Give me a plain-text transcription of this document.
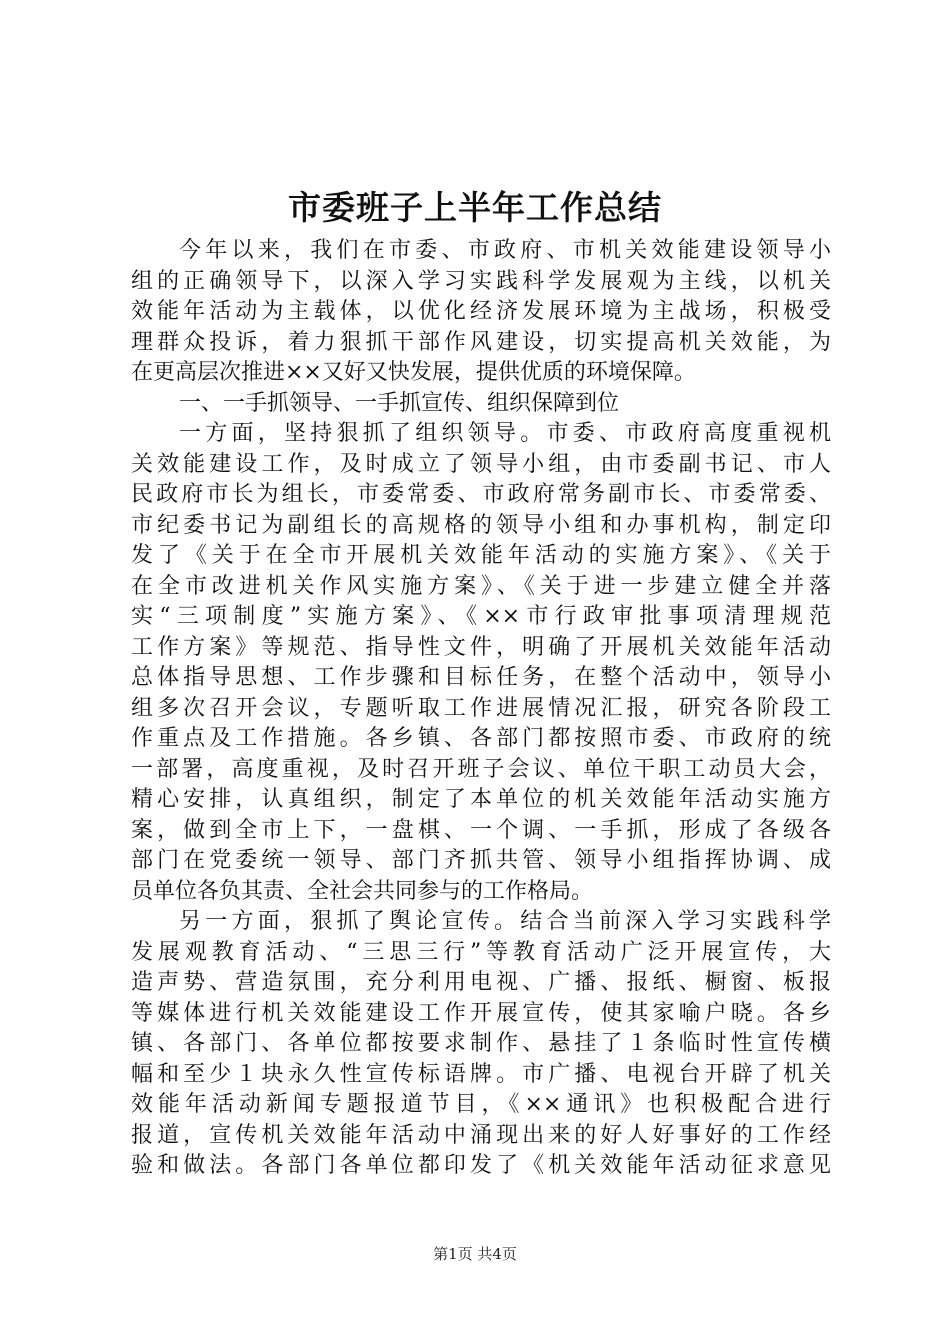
市委班子上半年工作总结
今年以来，我们在市委、市政府、市机关效能建设领导小
组的正确领导下，以深入学习实践科学发展观为主线，以机关
效能年活动为主载体，以优化经济发展环境为主战场，积极受
理群众投诉，着力狠抓干部作风建设，切实提高机关效能，为
在更高层次推进××又好又快发展，提供优质的环境保障。
一、一手抓领导、一手抓宣传、组织保障到位
一方面，坚持狠抓了组织领导。市委、市政府高度重视机
关效能建设工作，及时成立了领导小组，由市委副书记、市人
民政府市长为组长，市委常委、市政府常务副市长、市委常委、
市纪委书记为副组长的高规格的领导小组和办事机构，制定印
发了《关于在全市开展机关效能年活动的实施方案》、《关于
在全市改进机关作风实施方案》、《关于进一步建立健全并落
实“三项制度”实施方案》、《××市行政审批事项清理规范
工作方案》等规范、指导性文件，明确了开展机关效能年活动
总体指导思想、工作步骤和目标任务，在整个活动中，领导小
组多次召开会议，专题听取工作进展情况汇报，研究各阶段工
作重点及工作措施。各乡镇、各部门都按照市委、市政府的统
一部署，高度重视，及时召开班子会议、单位干职工动员大会，
精心安排，认真组织，制定了本单位的机关效能年活动实施方
案，做到全市上下，一盘棋、一个调、一手抓，形成了各级各
部门在党委统一领导、部门齐抓共管、领导小组指挥协调、成
员单位各负其责、全社会共同参与的工作格局。
另一方面，狠抓了舆论宣传。结合当前深入学习实践科学
发展观教育活动、“三思三行”等教育活动广泛开展宣传，大
造声势、营造氛围，充分利用电视、广播、报纸、橱窗、板报
等媒体进行机关效能建设工作开展宣传，使其家喻户晓。各乡
镇、各部门、各单位都按要求制作、悬挂了１条临时性宣传横
幅和至少１块永久性宣传标语牌。市广播、电视台开辟了机关
效能年活动新闻专题报道节目，《××通讯》也积极配合进行
报道，宣传机关效能年活动中涌现出来的好人好事好的工作经
验和做法。各部门各单位都印发了《机关效能年活动征求意见
第1页 共4页
